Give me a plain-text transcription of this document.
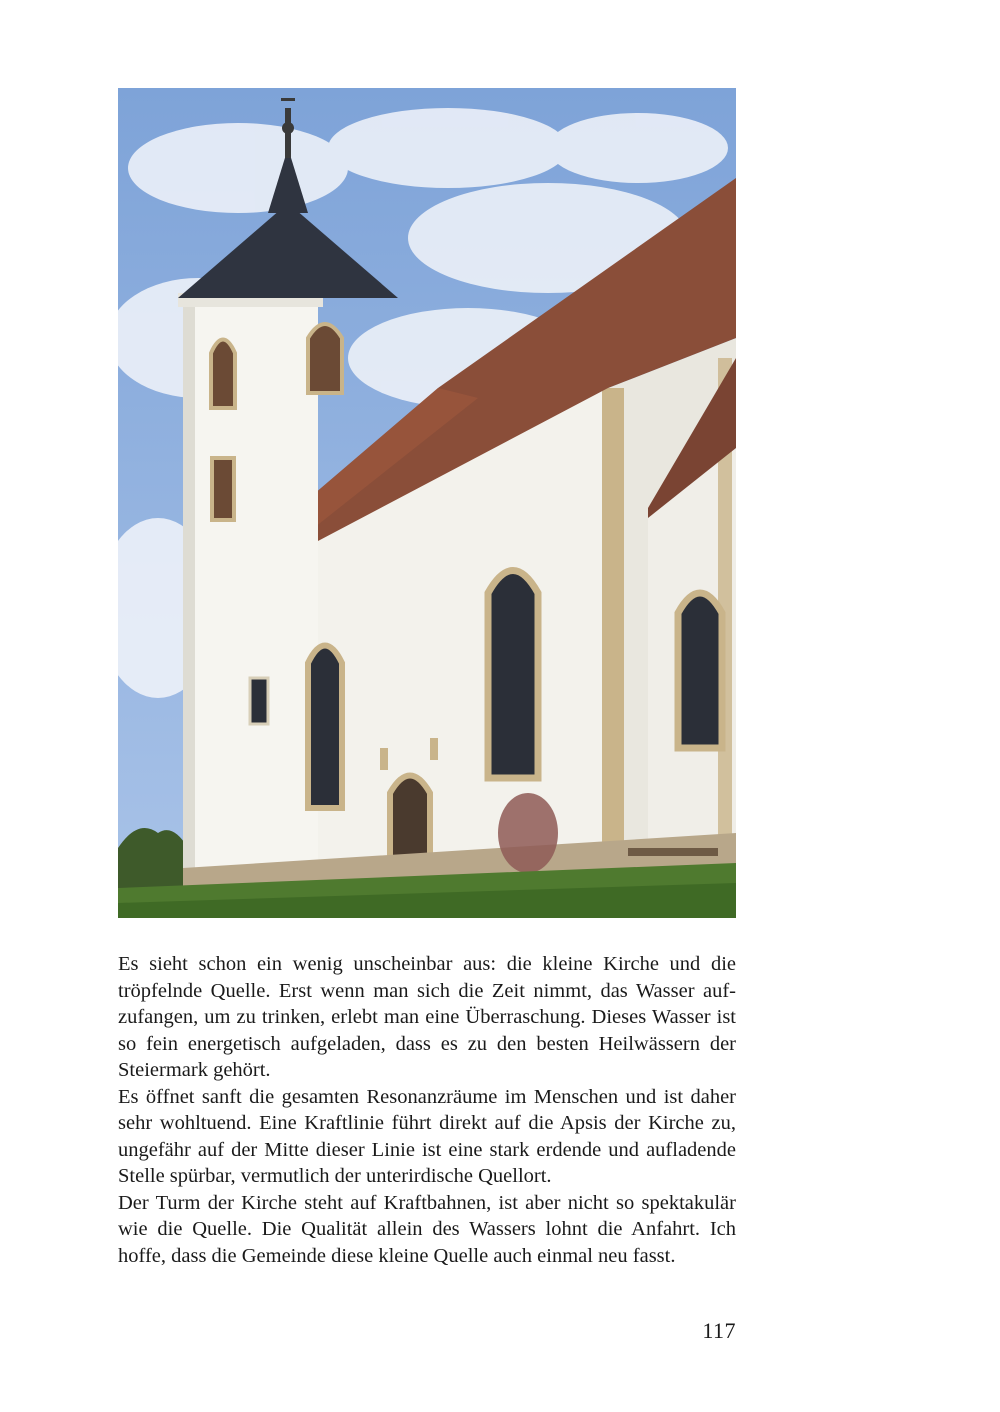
Es sieht schon ein wenig unscheinbar aus: die kleine Kirche und die tröpfelnde Quelle. Erst wenn man sich die Zeit nimmt, das Wasser aufzufangen, um zu trinken, erlebt man eine Überraschung. Dieses Wasser ist so fein energetisch aufgeladen, dass es zu den besten Heilwässern der Steiermark gehört.

Es öffnet sanft die gesamten Resonanzräume im Menschen und ist daher sehr wohltuend. Eine Kraftlinie führt direkt auf die Apsis der Kirche zu, ungefähr auf der Mitte dieser Linie ist eine stark erdende und aufladende Stelle spürbar, vermutlich der unterirdische Quellort.

Der Turm der Kirche steht auf Kraftbahnen, ist aber nicht so spektakulär wie die Quelle. Die Qualität allein des Wassers lohnt die Anfahrt. Ich hoffe, dass die Gemeinde diese kleine Quelle auch einmal neu fasst.

117
